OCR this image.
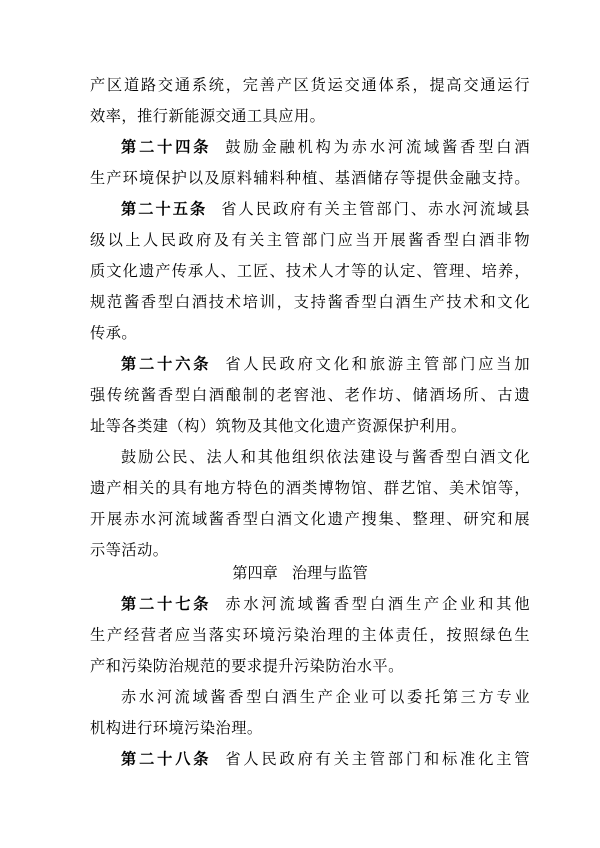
产区道路交通系统，完善产区货运交通体系，提高交通运行
效率，推行新能源交通工具应用。
第二十四条 鼓励金融机构为赤水河流域酱香型白酒
生产环境保护以及原料辅料种植、基酒储存等提供金融支持。
第二十五条 省人民政府有关主管部门、赤水河流域县
级以上人民政府及有关主管部门应当开展酱香型白酒非物
质文化遗产传承人、工匠、技术人才等的认定、管理、培养，
规范酱香型白酒技术培训，支持酱香型白酒生产技术和文化
传承。
第二十六条 省人民政府文化和旅游主管部门应当加
强传统酱香型白酒酿制的老窖池、老作坊、储酒场所、古遗
址等各类建（构）筑物及其他文化遗产资源保护利用。
鼓励公民、法人和其他组织依法建设与酱香型白酒文化
遗产相关的具有地方特色的酒类博物馆、群艺馆、美术馆等，
开展赤水河流域酱香型白酒文化遗产搜集、整理、研究和展
示等活动。
第四章 治理与监管
第二十七条 赤水河流域酱香型白酒生产企业和其他
生产经营者应当落实环境污染治理的主体责任，按照绿色生
产和污染防治规范的要求提升污染防治水平。
赤水河流域酱香型白酒生产企业可以委托第三方专业
机构进行环境污染治理。
第二十八条 省人民政府有关主管部门和标准化主管
